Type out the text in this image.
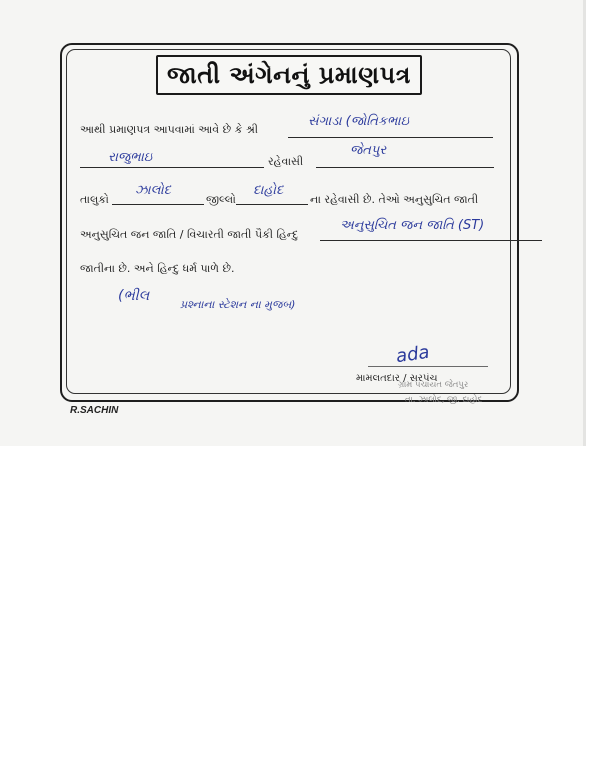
જાતી અંગેનનું પ્રમાણપત્ર
આથી પ્રમાણપત્ર આપવામાં આવે છે કે શ્રી
સંગાડા (જોતિકભાઇ
રાજુભાઇ	રહેવાસી
જેતપુર
તાલુકો
ઝાલોદ
જીલ્લો
દાહોદ
ના રહેવાસી છે. તેઓ અનુસુચિત જાતી
અનુસુચિત જન જાતિ / વિચારતી જાતી પૈકી હિન્દુ
અનુસુચિત જન જાતિ (ST)
જાતીના છે. અને હિન્દુ ધર્મ પાળે છે.
(ભીલ
પ્રશ્નાના સ્ટેશન ના મુજબ)
ada
મામલતદાર / સરપંચ
ગ્રામ પંચાયત જેતપુર
તા. ઝાલોદ, જી. દાહોદ
R.SACHIN
